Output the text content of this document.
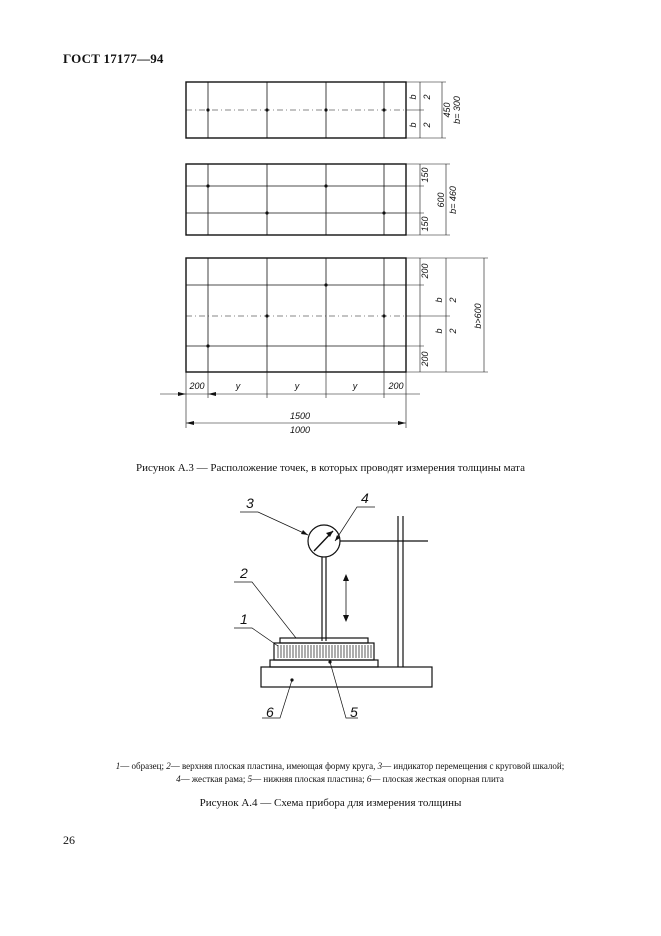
ГОСТ 17177—94
b 2
b 2
450 b= 300
150
150
600 b= 460
200
b 2
b 2
200
b>600
200	y	y	y	200
1500
1000
3	4
2
1
6	5
Рисунок А.3 — Расположение точек, в которых проводят измерения толщины мата
1— образец; 2— верхняя плоская пластина, имеющая форму круга, 3— индикатор перемещения с круговой шкалой;
4— жесткая рама; 5— нижняя плоская пластина; 6— плоская жесткая опорная плита
Рисунок А.4 — Схема прибора для измерения толщины
26
